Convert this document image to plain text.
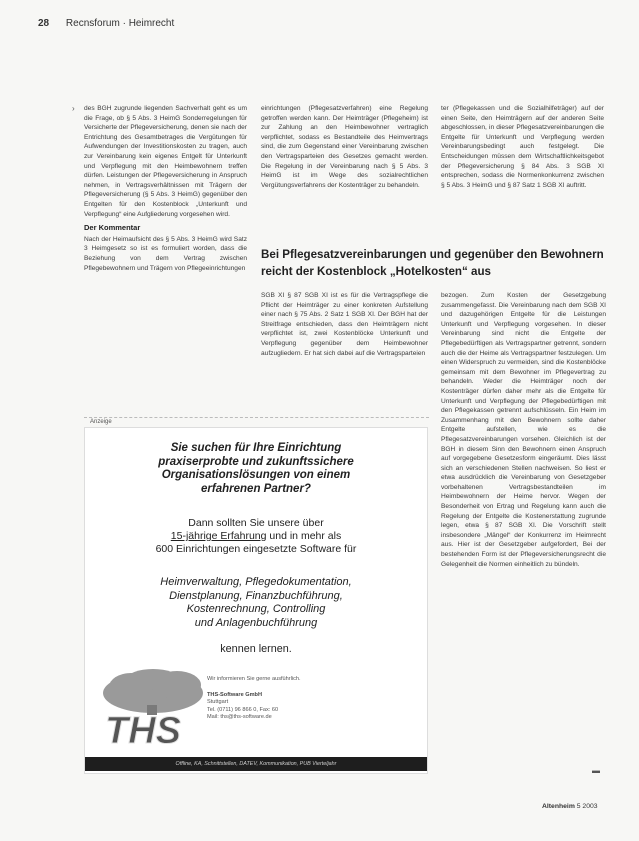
28 Recnsforum · Heimrecht
› des BGH zugrunde liegenden Sachverhalt geht es um die Frage, ob § 5 Abs. 3 HeimG Sonderregelungen für Versicherte der Pflegeversicherung, denen sie nach der Entrichtung des Gesamtbetrages die Vergütungen für Aufwendungen der Investitionskosten zu tragen, auch zur Vereinbarung kein eigenes Entgelt für Unterkunft und Verpflegung mit den Heimbewohnern treffen dürfen. Leistungen der Pflegeversicherung in Anspruch nehmen, in Vertragsverhältnissen mit Trägern der Pflegeversicherung (§ 5 Abs. 3 HeimG) gegenüber den Entgelten für den Kostenblock „Unterkunft und Verpflegung“ eine Aufgliederung vorgesehen wird.

Der Kommentar

Nach der Heimaufsicht des § 5 Abs. 3 HeimG wird Satz 3 Heimgesetz so ist es formuliert worden, dass die Beziehung von dem Vertrag zwischen Pflegebewohnern und Trägern von Pflegeeinrichtungen

einrichtungen (Pflegesatzverfahren) eine Regelung getroffen werden kann. Der Heimträger (Pflegeheim) ist zur Zahlung an den Heimbewohner vertraglich verpflichtet, sodass es Bestandteile des Heimvertrags sind, die zum Gegenstand einer Vereinbarung zwischen den Vertragsparteien des Gesetzes gemacht werden. Die Regelung in der Vereinbarung nach § 5 Abs. 3 HeimG ist im Wege des sozialrechtlichen Vergütungsverfahrens der Kostenträger zu behandeln.

ter (Pflegekassen und die Sozialhilfeträger) auf der einen Seite, den Heimträgern auf der anderen Seite abgeschlossen, in dieser Pflegesatzvereinbarungen die Entgelte für Unterkunft und Verpflegung werden Vereinbarungsbedingt auch festgelegt. Die Entscheidungen müssen dem Wirtschaftlichkeitsgebot der Pflegeversicherung § 84 Abs. 3 SGB XI entsprechen, sodass die Normenkonkurrenz zwischen § 5 Abs. 3 HeimG und § 87 Satz 1 SGB XI auftritt.

Bei Pflegesatzvereinbarungen und gegenüber den Bewohnern reicht der Kostenblock „Hotelkosten“ aus

SGB XI § 87 SGB XI ist es für die Vertragspflege die Pflicht der Heimträger zu einer konkreten Aufstellung einer nach § 75 Abs. 2 Satz 1 SGB XI. Der BGH hat der Streitfrage entschieden, dass den Heimträgern nicht verpflichtet ist, zwei Kostenblöcke Unterkunft und Verpflegung gegenüber dem Heimbewohner aufzugliedern. Er hat sich dabei auf die Vertragsparteien

bezogen. Zum Kosten der Gesetzgebung zusammengefasst. Die Vereinbarung nach dem SGB XI und dazugehörigen Entgelte für die Leistungen Unterkunft und Verpflegung vorgesehen. In dieser Vereinbarung sind nicht die Entgelte der Pflegebedürftigen als Vertragspartner getrennt, sondern auch die der Heime als Vertragspartner festzulegen. Um einen Widerspruch zu vermeiden, sind die Kostenblöcke gemeinsam mit dem Bewohner im Pflegevertrag zu behandeln. Weder die Heimträger noch der Kostenträger dürfen daher mehr als die Entgelte für Unterkunft und Verpflegung der Pflegebedürftigen mit den Pflegekassen getrennt aufschlüsseln. Ein Heim im Zusammenhang mit den Bewohnern sollte daher Entgelte aufstellen, wie es die Pflegesatzvereinbarungen vorsehen. Gleichlich ist der BGH in diesem Sinn den Bewohnern einen Anspruch auf vorgegebene Gesetzesform eingeräumt. Dies lässt sich an verschiedenen Stellen nachweisen. So liest er etwa ausdrücklich die Vereinbarung von Gesetzgeber vorbehaltenen Vertragsbestandteilen im Heimbewohnern der Heime hervor. Wegen der Besonderheit von Ertrag und Regelung kann auch die Regelung der Entgelte die Kostenerstattung zugrunde legen, etwa § 87 SGB XI. Die Vorschrift stellt insbesondere „Mängel“ der Konkurrenz im Heimrecht aus. Hier ist der Gesetzgeber aufgefordert, Bei der bestehenden Form ist der Pflegeversicherungsrecht die Gelegenheit die Normen einheitlich zu bündeln.

▬
Anzeige
Sie suchen für Ihre Einrichtung
praxiserprobte und zukunftssichere
Organisationslösungen von einem
erfahrenen Partner?
Dann sollten Sie unsere über
15-jährige Erfahrung und in mehr als
600 Einrichtungen eingesetzte Software für
Heimverwaltung, Pflegedokumentation,
Dienstplanung, Finanzbuchführung,
Kostenrechnung, Controlling
und Anlagenbuchführung
kennen lernen.
THS
Wir informieren Sie gerne ausführlich.
THS-Software GmbH
Stuttgart
Tel. (0711) 96 866 0, Fax: 60
Mail: ths@ths-software.de
Offline, KA, Schnittstellen, DATEV, Kommunikation, PUB Vierteljahr
Altenheim 5 2003
